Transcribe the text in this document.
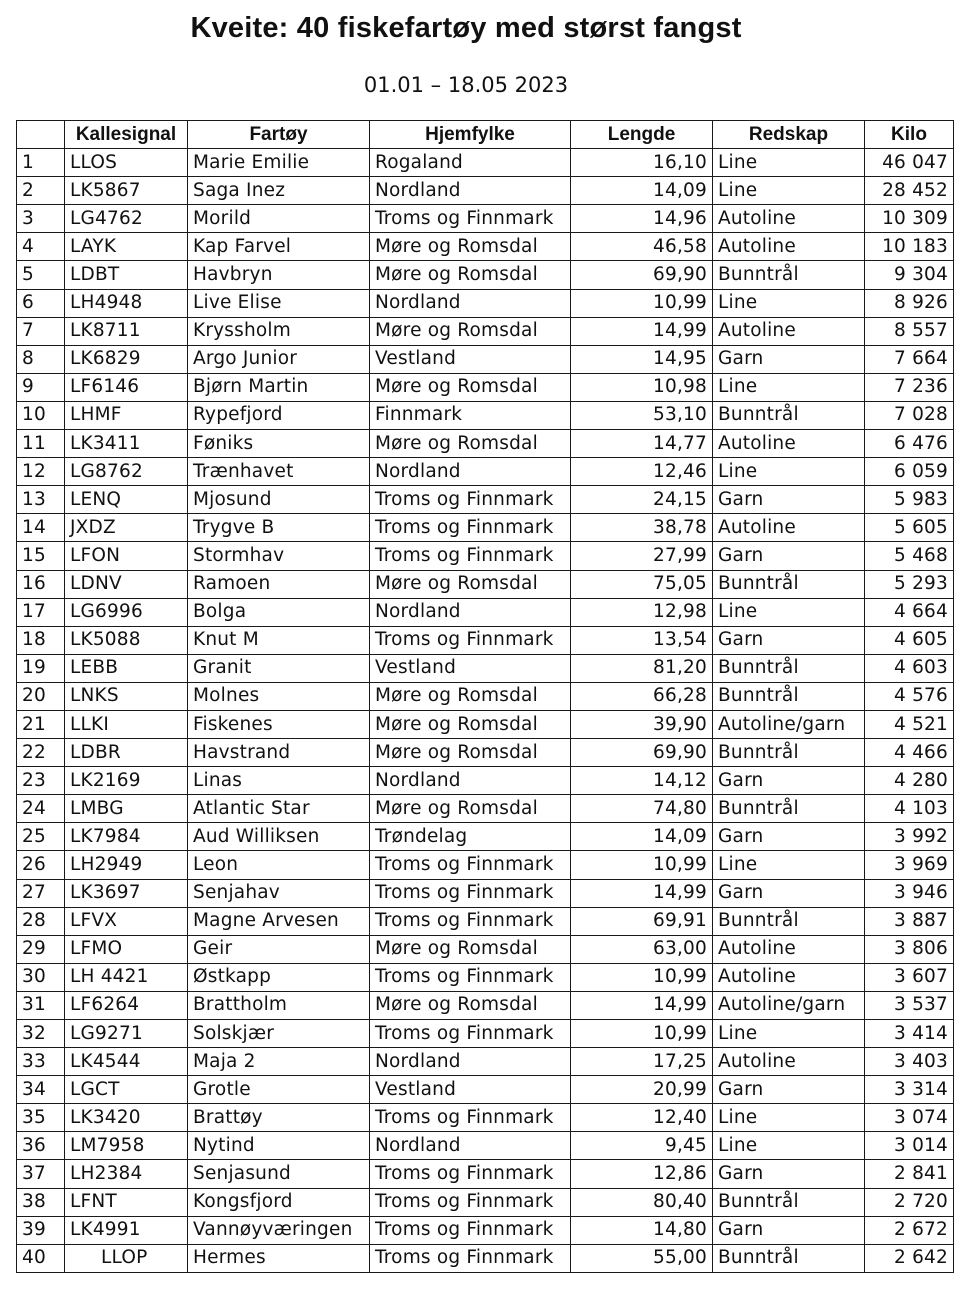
Kveite: 40 fiskefartøy med størst fangst
01.01 – 18.05 2023
	Kallesignal	Fartøy	Hjemfylke	Lengde	Redskap	Kilo
1	LLOS	Marie Emilie	Rogaland	16,10	Line	46 047
2	LK5867	Saga Inez	Nordland	14,09	Line	28 452
3	LG4762	Morild	Troms og Finnmark	14,96	Autoline	10 309
4	LAYK	Kap Farvel	Møre og Romsdal	46,58	Autoline	10 183
5	LDBT	Havbryn	Møre og Romsdal	69,90	Bunntrål	9 304
6	LH4948	Live Elise	Nordland	10,99	Line	8 926
7	LK8711	Kryssholm	Møre og Romsdal	14,99	Autoline	8 557
8	LK6829	Argo Junior	Vestland	14,95	Garn	7 664
9	LF6146	Bjørn Martin	Møre og Romsdal	10,98	Line	7 236
10	LHMF	Rypefjord	Finnmark	53,10	Bunntrål	7 028
11	LK3411	Føniks	Møre og Romsdal	14,77	Autoline	6 476
12	LG8762	Trænhavet	Nordland	12,46	Line	6 059
13	LENQ	Mjosund	Troms og Finnmark	24,15	Garn	5 983
14	JXDZ	Trygve B	Troms og Finnmark	38,78	Autoline	5 605
15	LFON	Stormhav	Troms og Finnmark	27,99	Garn	5 468
16	LDNV	Ramoen	Møre og Romsdal	75,05	Bunntrål	5 293
17	LG6996	Bolga	Nordland	12,98	Line	4 664
18	LK5088	Knut M	Troms og Finnmark	13,54	Garn	4 605
19	LEBB	Granit	Vestland	81,20	Bunntrål	4 603
20	LNKS	Molnes	Møre og Romsdal	66,28	Bunntrål	4 576
21	LLKI	Fiskenes	Møre og Romsdal	39,90	Autoline/garn	4 521
22	LDBR	Havstrand	Møre og Romsdal	69,90	Bunntrål	4 466
23	LK2169	Linas	Nordland	14,12	Garn	4 280
24	LMBG	Atlantic Star	Møre og Romsdal	74,80	Bunntrål	4 103
25	LK7984	Aud Williksen	Trøndelag	14,09	Garn	3 992
26	LH2949	Leon	Troms og Finnmark	10,99	Line	3 969
27	LK3697	Senjahav	Troms og Finnmark	14,99	Garn	3 946
28	LFVX	Magne Arvesen	Troms og Finnmark	69,91	Bunntrål	3 887
29	LFMO	Geir	Møre og Romsdal	63,00	Autoline	3 806
30	LH 4421	Østkapp	Troms og Finnmark	10,99	Autoline	3 607
31	LF6264	Brattholm	Møre og Romsdal	14,99	Autoline/garn	3 537
32	LG9271	Solskjær	Troms og Finnmark	10,99	Line	3 414
33	LK4544	Maja 2	Nordland	17,25	Autoline	3 403
34	LGCT	Grotle	Vestland	20,99	Garn	3 314
35	LK3420	Brattøy	Troms og Finnmark	12,40	Line	3 074
36	LM7958	Nytind	Nordland	9,45	Line	3 014
37	LH2384	Senjasund	Troms og Finnmark	12,86	Garn	2 841
38	LFNT	Kongsfjord	Troms og Finnmark	80,40	Bunntrål	2 720
39	LK4991	Vannøyværingen	Troms og Finnmark	14,80	Garn	2 672
40	LLOP	Hermes	Troms og Finnmark	55,00	Bunntrål	2 642
